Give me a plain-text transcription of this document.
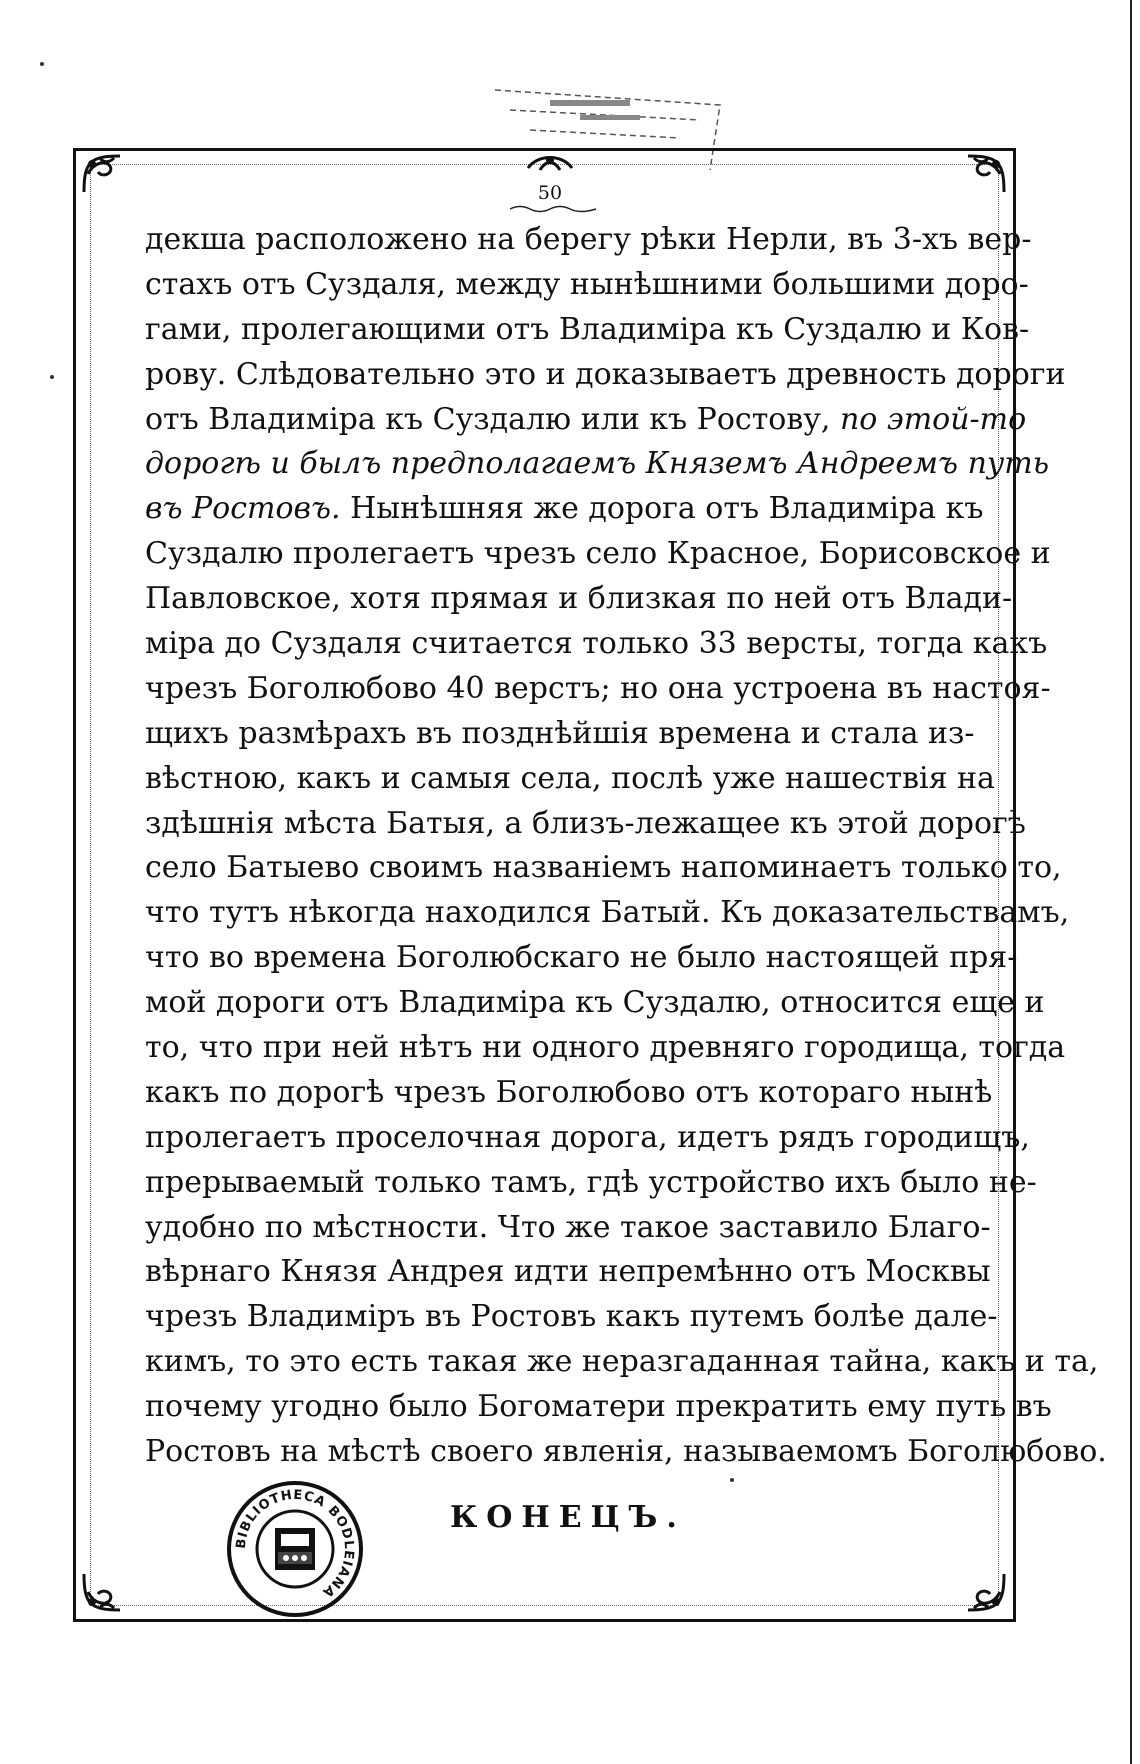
50
декша расположено на берегу рѣки Нерли, въ 3-хъ вер-
стахъ отъ Суздаля, между нынѣшними большими доро-
гами, пролегающими отъ Владиміра къ Суздалю и Ков-
рову. Слѣдовательно это и доказываетъ древность дороги
отъ Владиміра къ Суздалю или къ Ростову, по этой-то
дорогѣ и былъ предполагаемъ Княземъ Андреемъ путь
въ Ростовъ. Нынѣшняя же дорога отъ Владиміра къ
Суздалю пролегаетъ чрезъ село Красное, Борисовское и
Павловское, хотя прямая и близкая по ней отъ Влади-
міра до Суздаля считается только 33 версты, тогда какъ
чрезъ Боголюбово 40 верстъ; но она устроена въ настоя-
щихъ размѣрахъ въ позднѣйшія времена и стала из-
вѣстною, какъ и самыя села, послѣ уже нашествія на
здѣшнія мѣста Батыя, а близъ-лежащее къ этой дорогѣ
село Батыево своимъ названіемъ напоминаетъ только то,
что тутъ нѣкогда находился Батый. Къ доказательствамъ,
что во времена Боголюбскаго не было настоящей пря-
мой дороги отъ Владиміра къ Суздалю, относится еще и
то, что при ней нѣтъ ни одного древняго городища, тогда
какъ по дорогѣ чрезъ Боголюбово отъ котораго нынѣ
пролегаетъ проселочная дорога, идетъ рядъ городищъ,
прерываемый только тамъ, гдѣ устройство ихъ было не-
удобно по мѣстности. Что же такое заставило Благо-
вѣрнаго Князя Андрея идти непремѣнно отъ Москвы
чрезъ Владиміръ въ Ростовъ какъ путемъ болѣе дале-
кимъ, то это есть такая же неразгаданная тайна, какъ и та,
почему угодно было Богоматери прекратить ему путь въ
Ростовъ на мѣстѣ своего явленія, называемомъ Боголюбово.
BIBLIOTHECA BODLEIANA
КОНЕЦЪ.
